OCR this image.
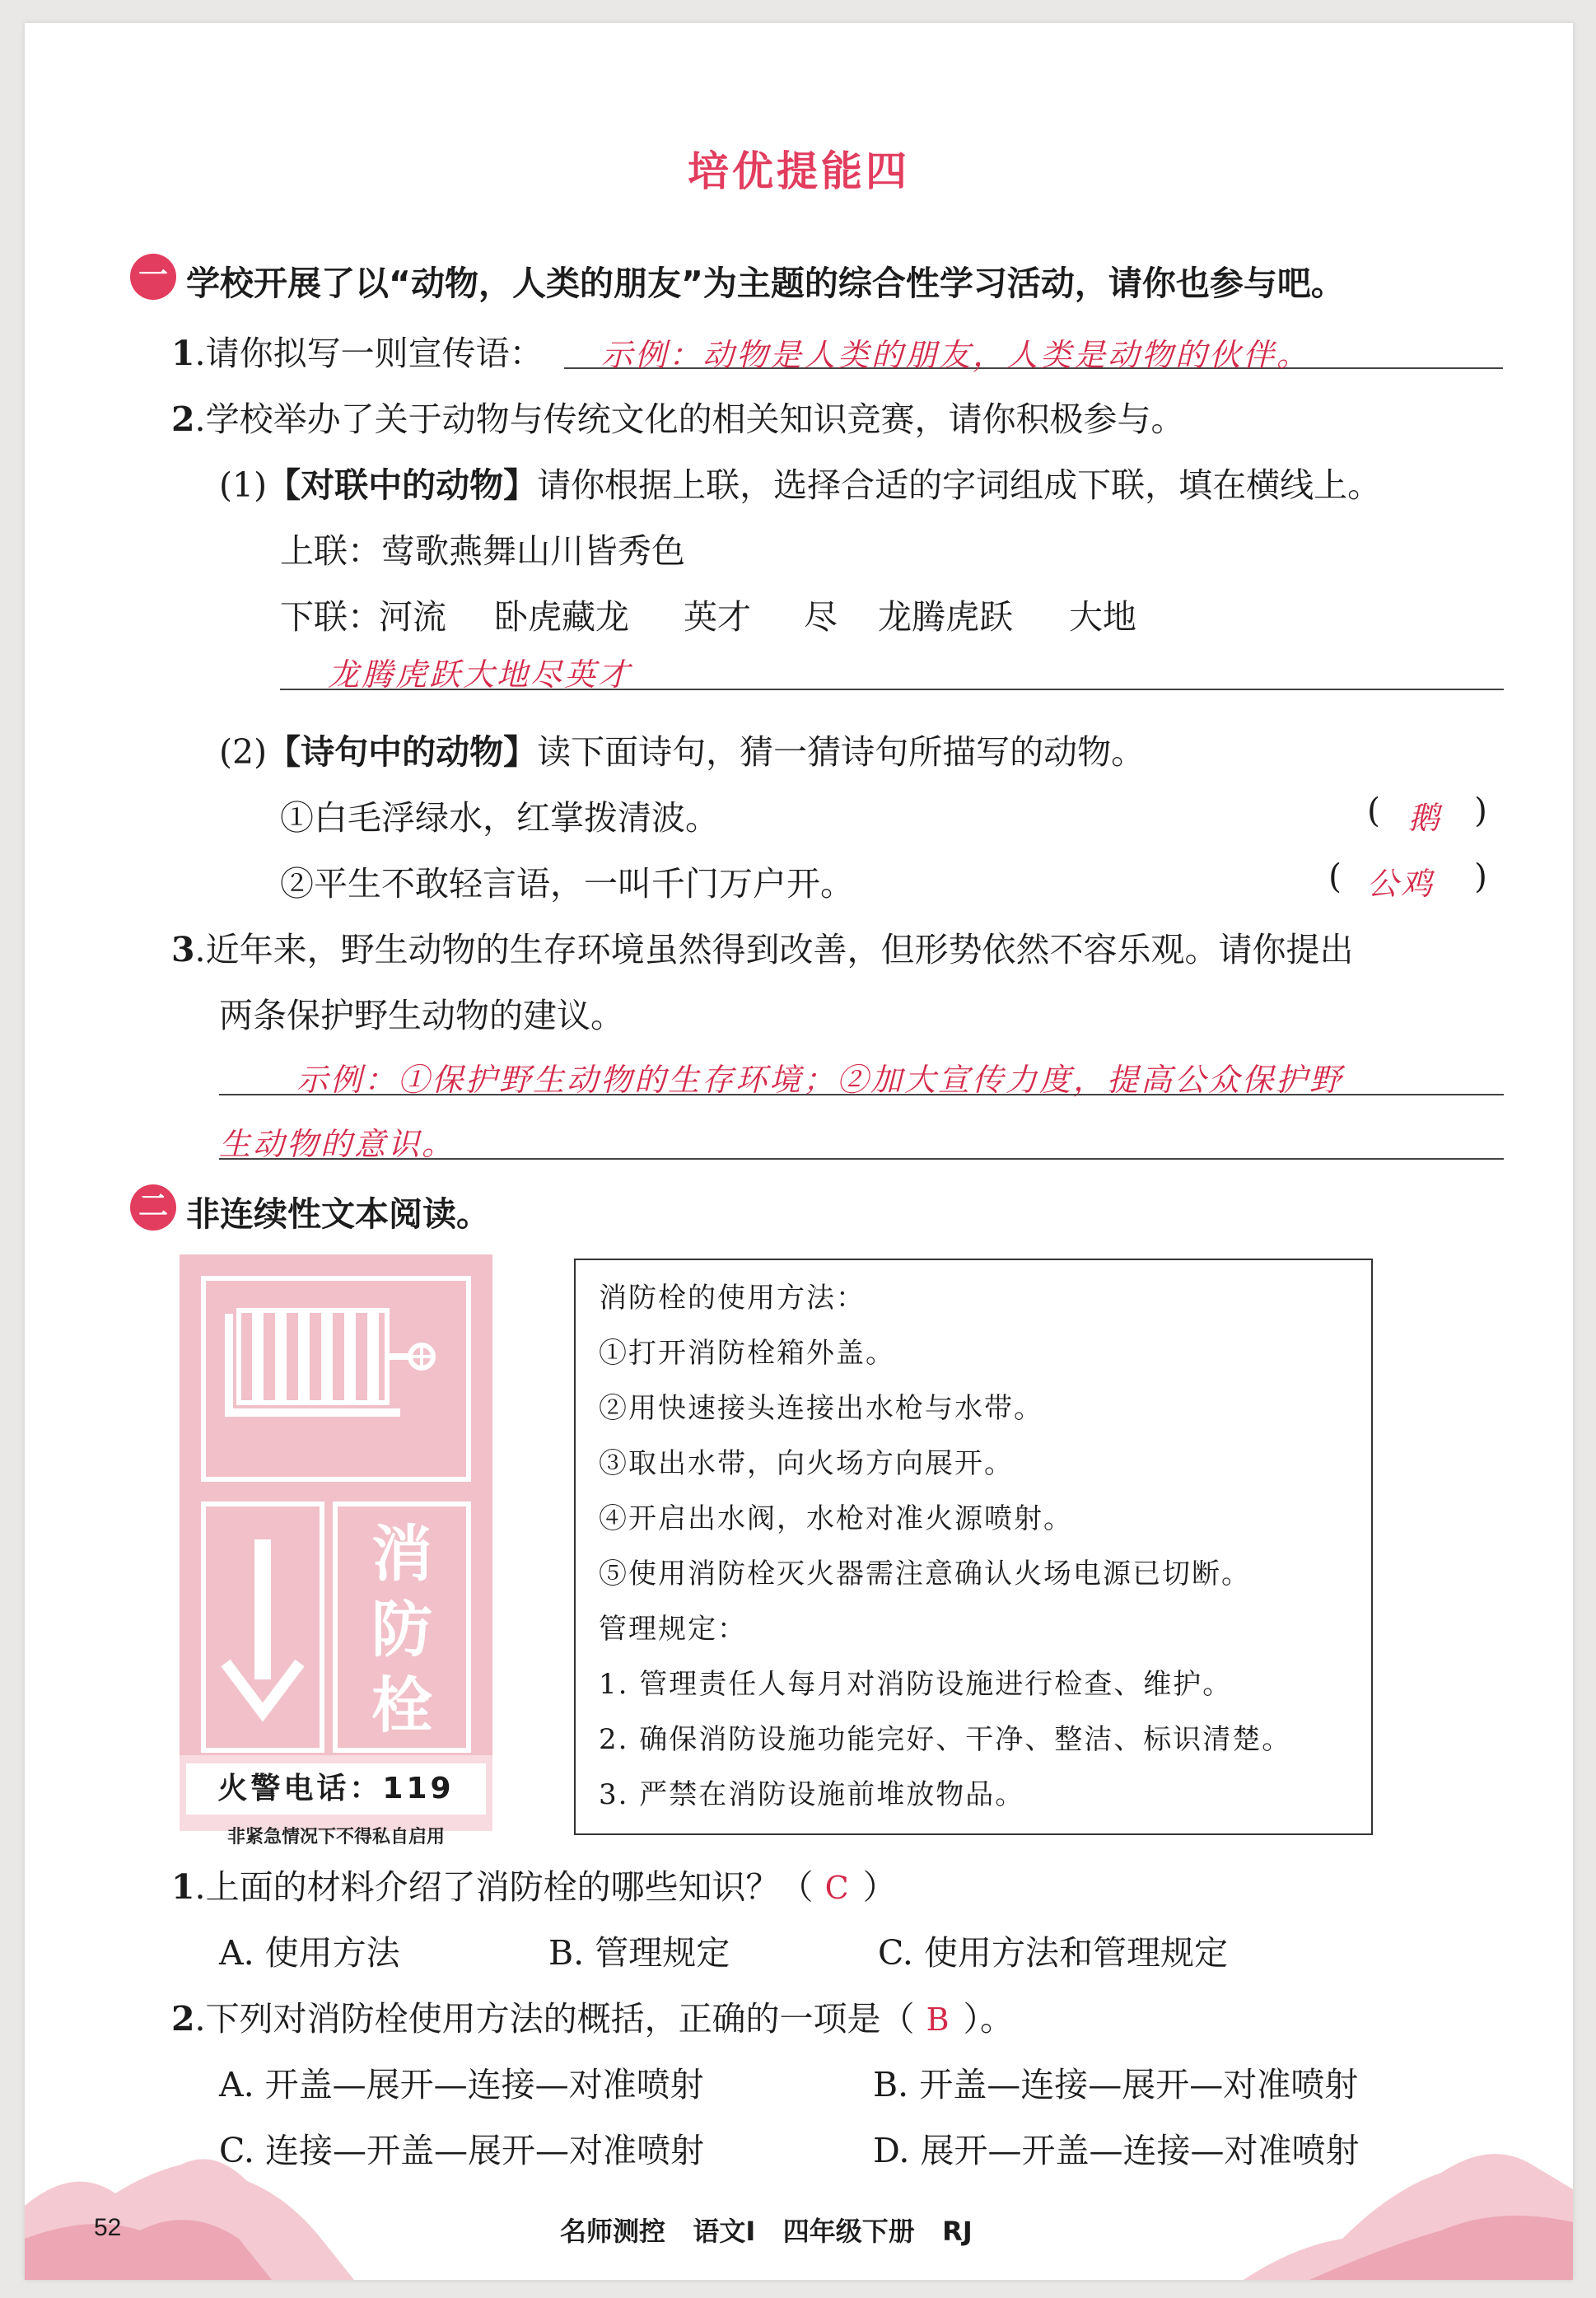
培优提能四
一 学校开展了以“动物，人类的朋友”为主题的综合性学习活动，请你也参与吧。
1.请你拟写一则宣传语： 示例：动物是人类的朋友，人类是动物的伙伴。
2.学校举办了关于动物与传统文化的相关知识竞赛，请你积极参与。
(1)【对联中的动物】请你根据上联，选择合适的字词组成下联，填在横线上。
上联：莺歌燕舞山川皆秀色
下联：
河流 卧虎藏龙 英才 尽 龙腾虎跃 大地
龙腾虎跃大地尽英才
(2)【诗句中的动物】读下面诗句，猜一猜诗句所描写的动物。
①白毛浮绿水，红掌拨清波。	( 鹅 )
②平生不敢轻言语，一叫千门万户开。	( 公鸡 )
3.近年来，野生动物的生存环境虽然得到改善，但形势依然不容乐观。请你提出
两条保护野生动物的建议。
示例：①保护野生动物的生存环境；②加大宣传力度，提高公众保护野
生动物的意识。
二 非连续性文本阅读。
消
防
栓
火警电话：119
非紧急情况下不得私自启用
消防栓的使用方法：
①打开消防栓箱外盖。
②用快速接头连接出水枪与水带。
③取出水带，向火场方向展开。
④开启出水阀，水枪对准火源喷射。
⑤使用消防栓灭火器需注意确认火场电源已切断。
管理规定：
1. 管理责任人每月对消防设施进行检查、维护。
2. 确保消防设施功能完好、干净、整洁、标识清楚。
3. 严禁在消防设施前堆放物品。
1.上面的材料介绍了消防栓的哪些知识？（ C ）
A. 使用方法	B. 管理规定	C. 使用方法和管理规定
2.下列对消防栓使用方法的概括，正确的一项是（ B ）。
A. 开盖—展开—连接—对准喷射	B. 开盖—连接—展开—对准喷射
C. 连接—开盖—展开—对准喷射	D. 展开—开盖—连接—对准喷射
52	名师测控   语文Ⅰ   四年级下册   RJ
